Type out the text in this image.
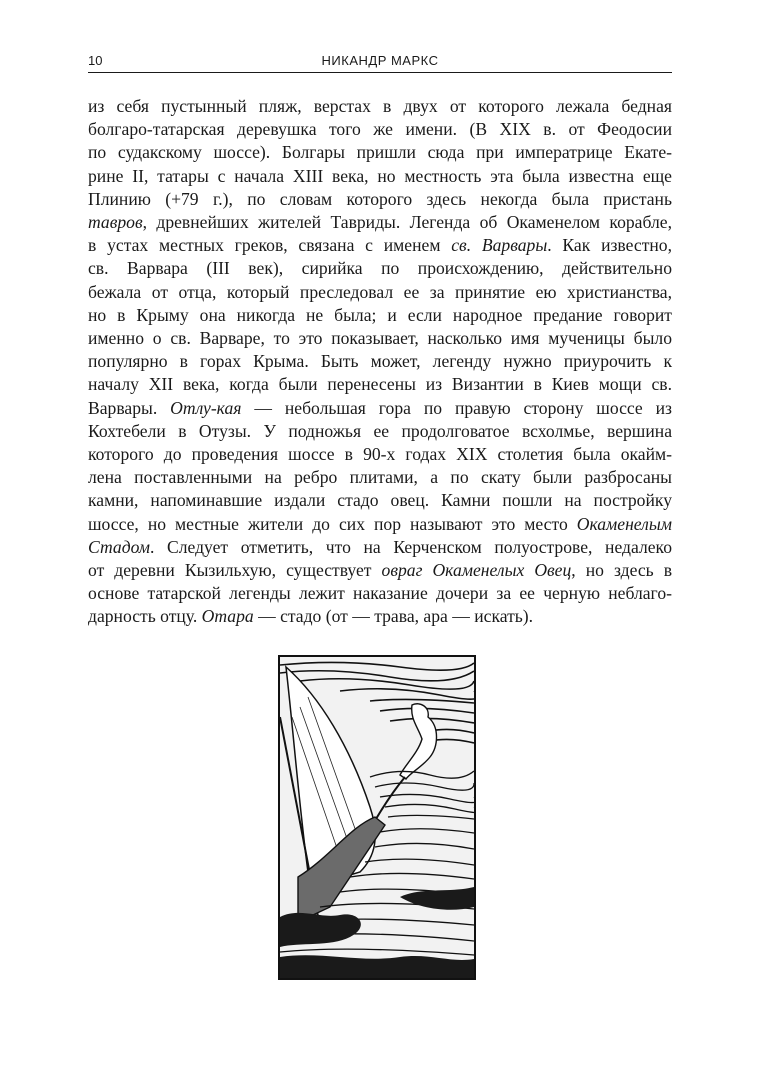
10	НИКАНДР МАРКС
из себя пустынный пляж, верстах в двух от которого лежала бедная
болгаро-татарская деревушка того же имени. (В XIX в. от Феодосии
по судакскому шоссе). Болгары пришли сюда при императрице Екате-
рине II, татары с начала XIII века, но местность эта была известна еще
Плинию (+79 г.), по словам которого здесь некогда была пристань
тавров, древнейших жителей Тавриды. Легенда об Окаменелом корабле,
в устах местных греков, связана с именем св. Варвары. Как известно,
св. Варвара (III век), сирийка по происхождению, действительно
бежала от отца, который преследовал ее за принятие ею христианства,
но в Крыму она никогда не была; и если народное предание говорит
именно о св. Варваре, то это показывает, насколько имя мученицы было
популярно в горах Крыма. Быть может, легенду нужно приурочить к
началу XII века, когда были перенесены из Византии в Киев мощи св.
Варвары. Отлу-кая — небольшая гора по правую сторону шоссе из
Кохтебели в Отузы. У подножья ее продолговатое всхолмье, вершина
которого до проведения шоссе в 90-х годах XIX столетия была окайм-
лена поставленными на ребро плитами, а по скату были разбросаны
камни, напоминавшие издали стадо овец. Камни пошли на постройку
шоссе, но местные жители до сих пор называют это место Окаменелым
Стадом. Следует отметить, что на Керченском полуострове, недалеко
от деревни Кызильхую, существует овраг Окаменелых Овец, но здесь в
основе татарской легенды лежит наказание дочери за ее черную неблаго-
дарность отцу. Отара — стадо (от — трава, ара — искать).
